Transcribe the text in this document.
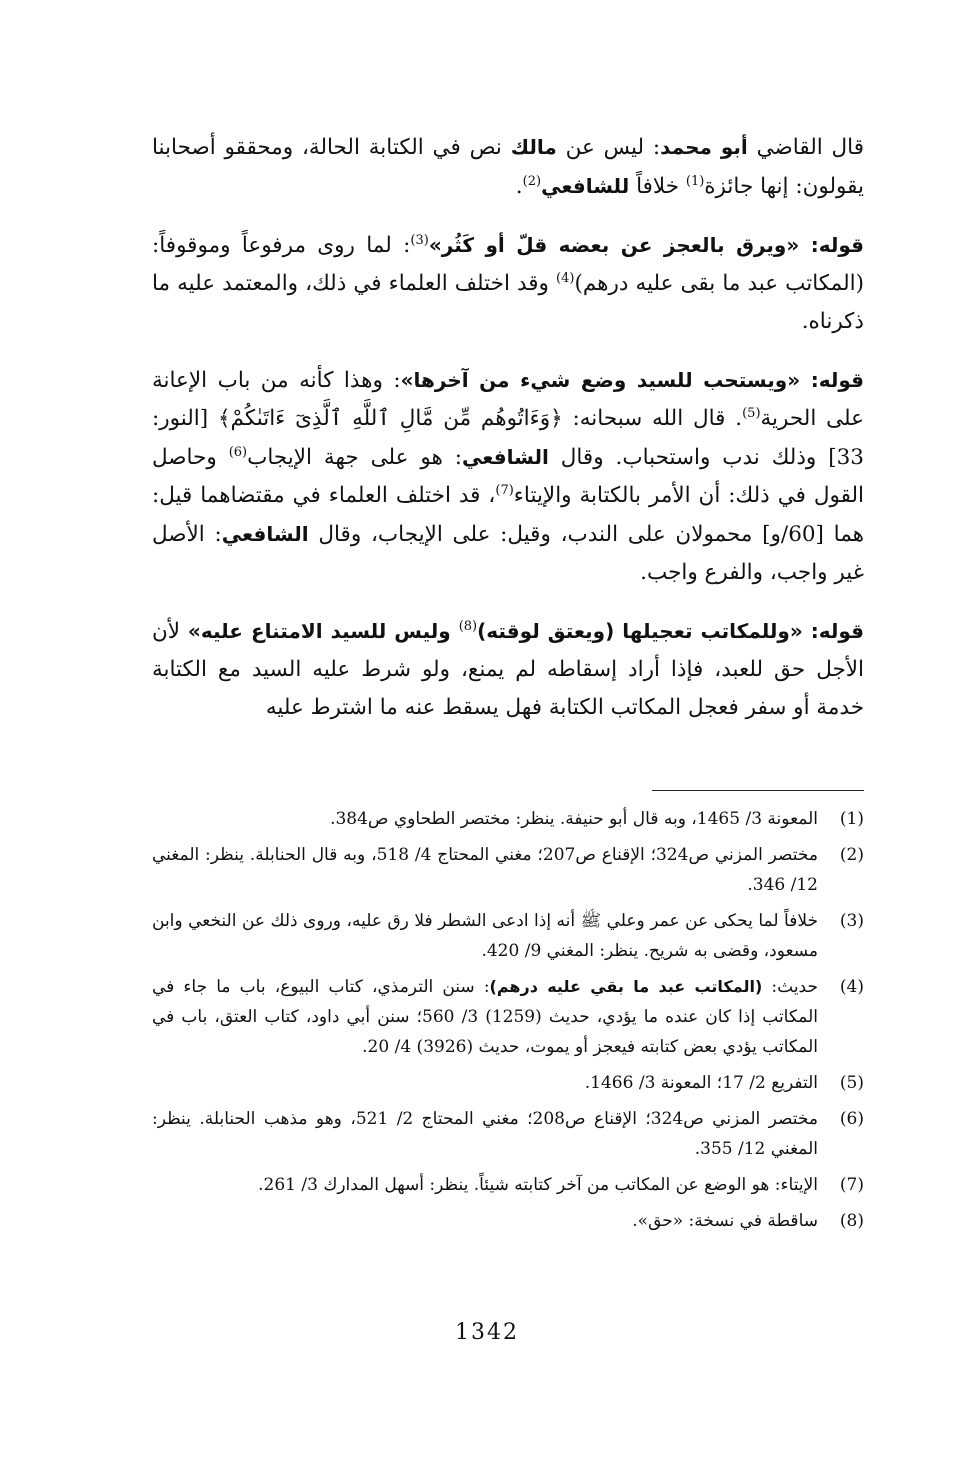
قال القاضي أبو محمد: ليس عن مالك نص في الكتابة الحالة، ومحققو أصحابنا يقولون: إنها جائزة$^{(1)}$ خلافاً للشافعي$^{(2)}$.

قوله: «ويرق بالعجز عن بعضه قلّ أو كَثُر»$^{(3)}$: لما روى مرفوعاً وموقوفاً: (المكاتب عبد ما بقى عليه درهم)$^{(4)}$ وقد اختلف العلماء في ذلك، والمعتمد عليه ما ذكرناه.

قوله: «ويستحب للسيد وضع شيء من آخرها»: وهذا كأنه من باب الإعانة على الحرية$^{(5)}$. قال الله سبحانه: ﴿وَءَاتُوهُم مِّن مَّالِ ٱللَّهِ ٱلَّذِىٓ ءَاتَىٰكُمْ﴾ [النور: 33] وذلك ندب واستحباب. وقال الشافعي: هو على جهة الإيجاب$^{(6)}$ وحاصل القول في ذلك: أن الأمر بالكتابة والإيتاء$^{(7)}$، قد اختلف العلماء في مقتضاهما قيل: هما [60/و] محمولان على الندب، وقيل: على الإيجاب، وقال الشافعي: الأصل غير واجب، والفرع واجب.

قوله: «وللمكاتب تعجيلها (ويعتق لوقته)$^{(8)}$ وليس للسيد الامتناع عليه» لأن الأجل حق للعبد، فإذا أراد إسقاطه لم يمنع، ولو شرط عليه السيد مع الكتابة خدمة أو سفر فعجل المكاتب الكتابة فهل يسقط عنه ما اشترط عليه

(1)
المعونة 3/ 1465، وبه قال أبو حنيفة. ينظر: مختصر الطحاوي ص384.
(2)
مختصر المزني ص324؛ الإقناع ص207؛ مغني المحتاج 4/ 518، وبه قال الحنابلة. ينظر: المغني 12/ 346.
(3)
خلافاً لما يحكى عن عمر وعلي ﷺ أنه إذا ادعى الشطر فلا رق عليه، وروى ذلك عن النخعي وابن مسعود، وقضى به شريح. ينظر: المغني 9/ 420.
(4)
حديث: (المكاتب عبد ما بقي عليه درهم): سنن الترمذي، كتاب البيوع، باب ما جاء في المكاتب إذا كان عنده ما يؤدي، حديث (1259) 3/ 560؛ سنن أبي داود، كتاب العتق، باب في المكاتب يؤدي بعض كتابته فيعجز أو يموت، حديث (3926) 4/ 20.
(5)
التفريع 2/ 17؛ المعونة 3/ 1466.
(6)
مختصر المزني ص324؛ الإقناع ص208؛ مغني المحتاج 2/ 521، وهو مذهب الحنابلة. ينظر: المغني 12/ 355.
(7)
الإيتاء: هو الوضع عن المكاتب من آخر كتابته شيئاً. ينظر: أسهل المدارك 3/ 261.
(8)
ساقطة في نسخة: «حق».
1342
